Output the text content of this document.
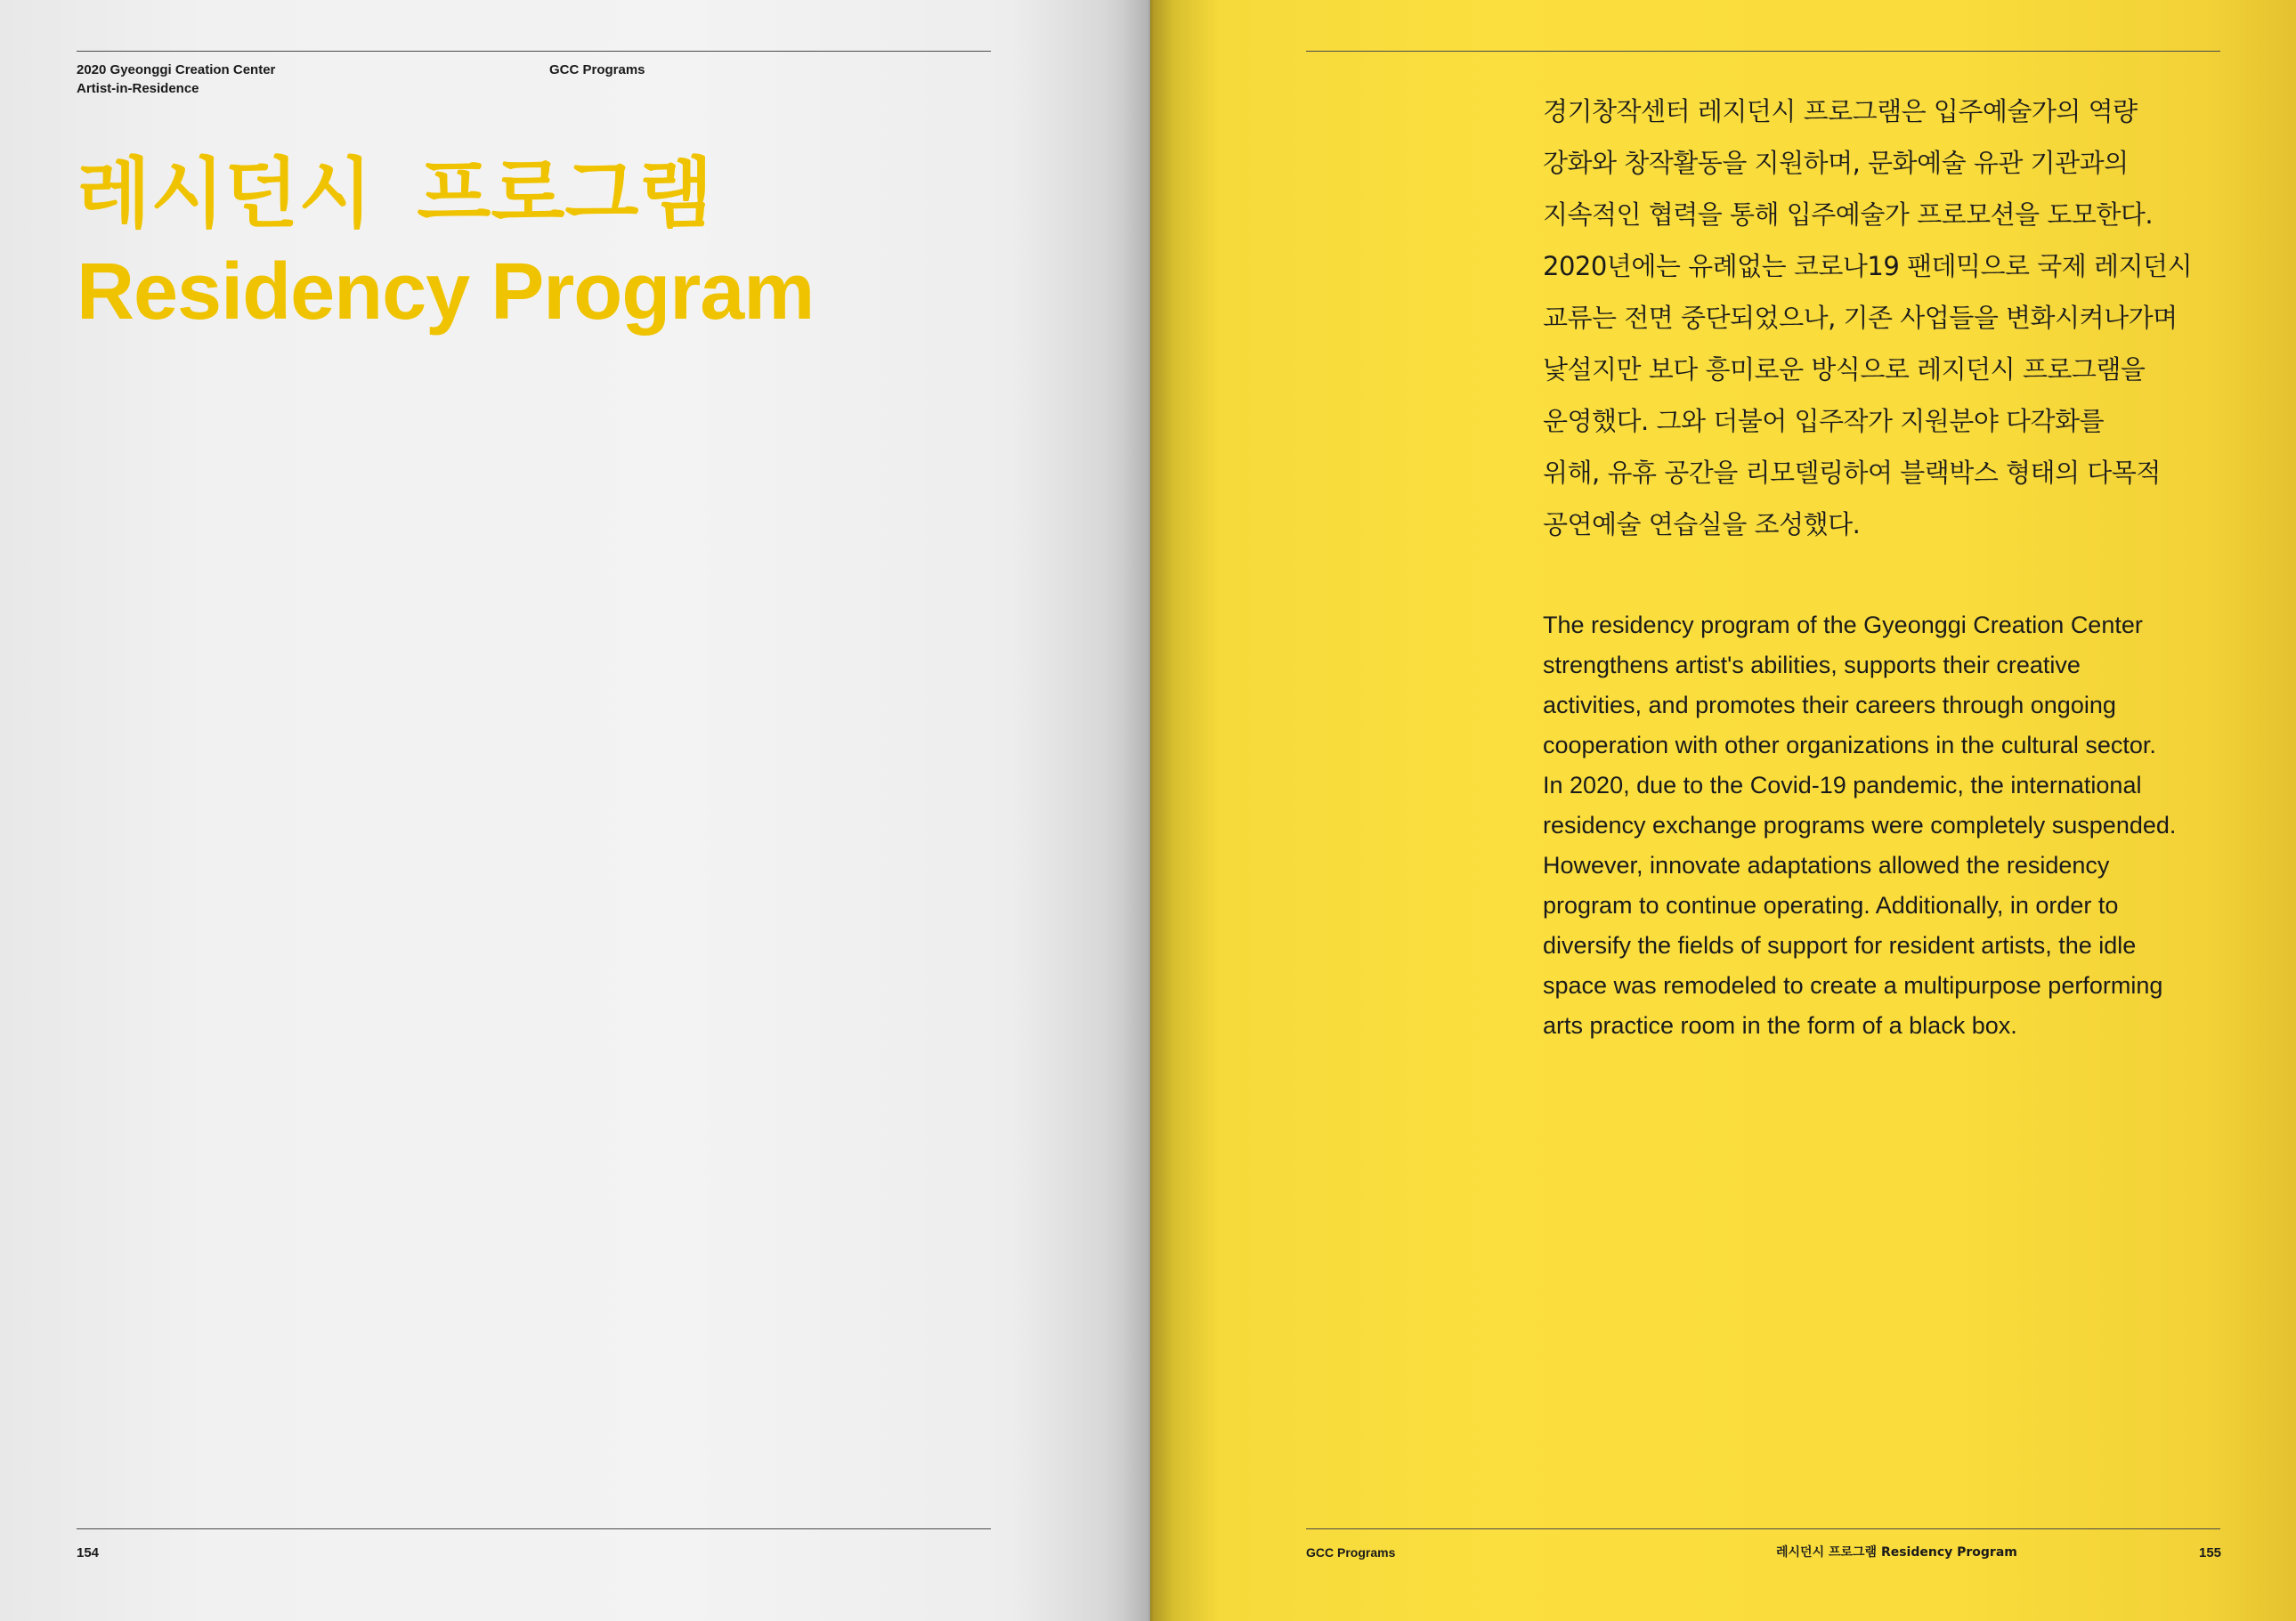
2020 Gyeonggi Creation Center
Artist-in-Residence
GCC Programs
레시던시 프로그램
Residency Program
154

경기창작센터 레지던시 프로그램은 입주예술가의 역량

강화와 창작활동을 지원하며, 문화예술 유관 기관과의

지속적인 협력을 통해 입주예술가 프로모션을 도모한다.

2020년에는 유례없는 코로나19 팬데믹으로 국제 레지던시

교류는 전면 중단되었으나, 기존 사업들을 변화시켜나가며

낯설지만 보다 흥미로운 방식으로 레지던시 프로그램을

운영했다. 그와 더불어 입주작가 지원분야 다각화를

위해, 유휴 공간을 리모델링하여 블랙박스 형태의 다목적

공연예술 연습실을 조성했다.

The residency program of the Gyeonggi Creation Center

strengthens artist's abilities, supports their creative

activities, and promotes their careers through ongoing

cooperation with other organizations in the cultural sector.

In 2020, due to the Covid-19 pandemic, the international

residency exchange programs were completely suspended.

However, innovate adaptations allowed the residency

program to continue operating. Additionally, in order to

diversify the fields of support for resident artists, the idle

space was remodeled to create a multipurpose performing

arts practice room in the form of a black box.

GCC Programs	레시던시 프로그램 Residency Program	155
